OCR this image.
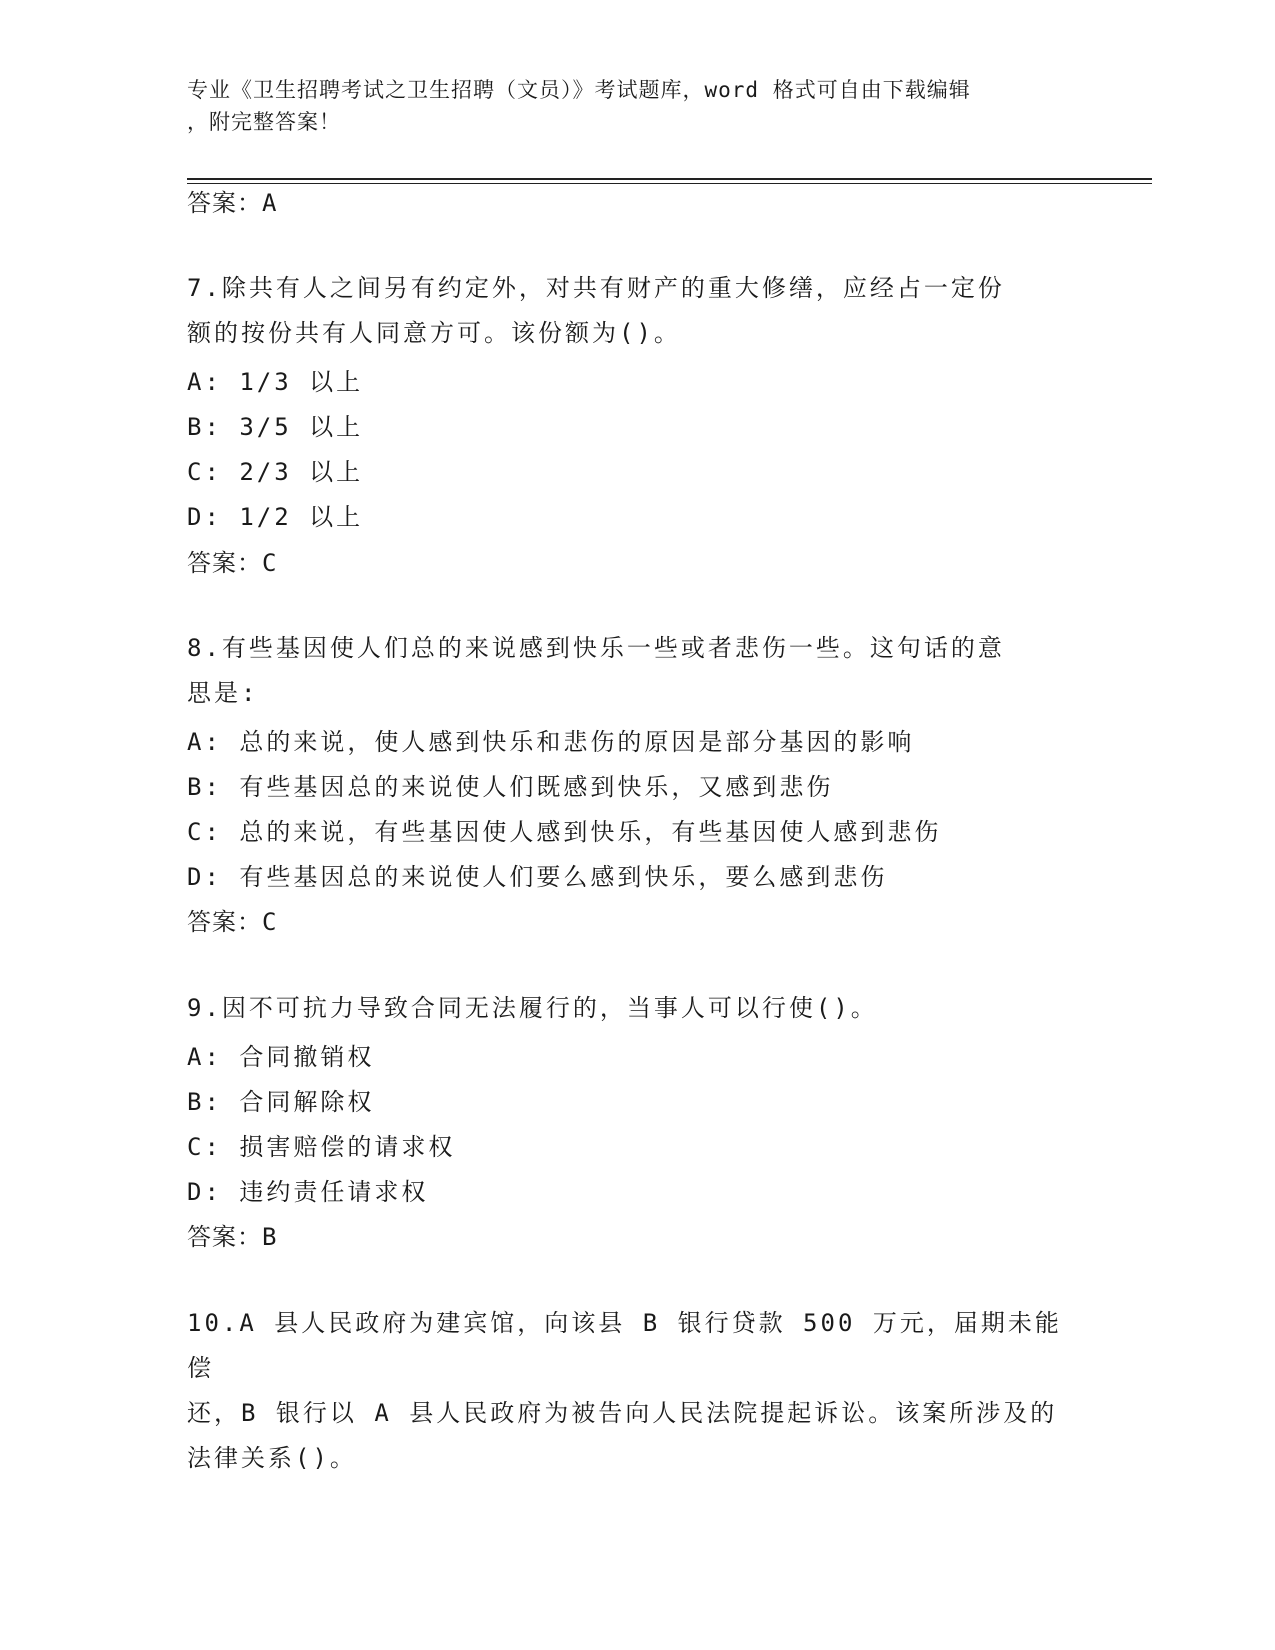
专业《卫生招聘考试之卫生招聘（文员）》考试题库，word 格式可自由下载编辑
，附完整答案！
答案：A
7.除共有人之间另有约定外，对共有财产的重大修缮，应经占一定份
额的按份共有人同意方可。该份额为()。
A: 1/3 以上
B: 3/5 以上
C: 2/3 以上
D: 1/2 以上
答案：C
8.有些基因使人们总的来说感到快乐一些或者悲伤一些。这句话的意
思是:
A: 总的来说，使人感到快乐和悲伤的原因是部分基因的影响
B: 有些基因总的来说使人们既感到快乐，又感到悲伤
C: 总的来说，有些基因使人感到快乐，有些基因使人感到悲伤
D: 有些基因总的来说使人们要么感到快乐，要么感到悲伤
答案：C
9.因不可抗力导致合同无法履行的，当事人可以行使()。
A: 合同撤销权
B: 合同解除权
C: 损害赔偿的请求权
D: 违约责任请求权
答案：B
10.A 县人民政府为建宾馆，向该县 B 银行贷款 500 万元，届期未能偿
还，B 银行以 A 县人民政府为被告向人民法院提起诉讼。该案所涉及的
法律关系()。
